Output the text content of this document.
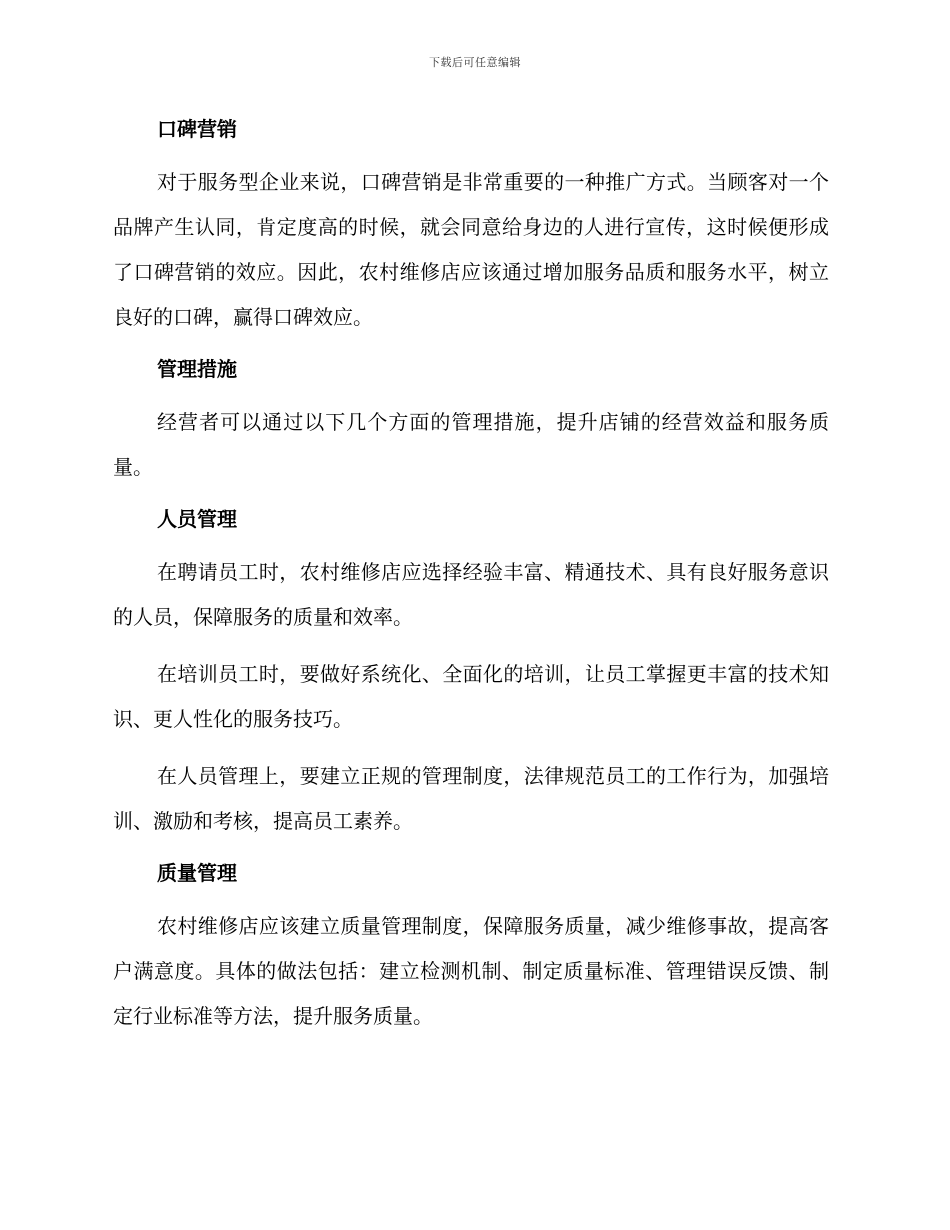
下载后可任意编辑
口碑营销

对于服务型企业来说，口碑营销是非常重要的一种推广方式。当顾客对一个品牌产生认同，肯定度高的时候，就会同意给身边的人进行宣传，这时候便形成了口碑营销的效应。因此，农村维修店应该通过增加服务品质和服务水平，树立良好的口碑，赢得口碑效应。

管理措施

经营者可以通过以下几个方面的管理措施，提升店铺的经营效益和服务质量。

人员管理

在聘请员工时，农村维修店应选择经验丰富、精通技术、具有良好服务意识的人员，保障服务的质量和效率。

在培训员工时，要做好系统化、全面化的培训，让员工掌握更丰富的技术知识、更人性化的服务技巧。

在人员管理上，要建立正规的管理制度，法律规范员工的工作行为，加强培训、激励和考核，提高员工素养。

质量管理

农村维修店应该建立质量管理制度，保障服务质量，减少维修事故，提高客户满意度。具体的做法包括：建立检测机制、制定质量标准、管理错误反馈、制定行业标准等方法，提升服务质量。
